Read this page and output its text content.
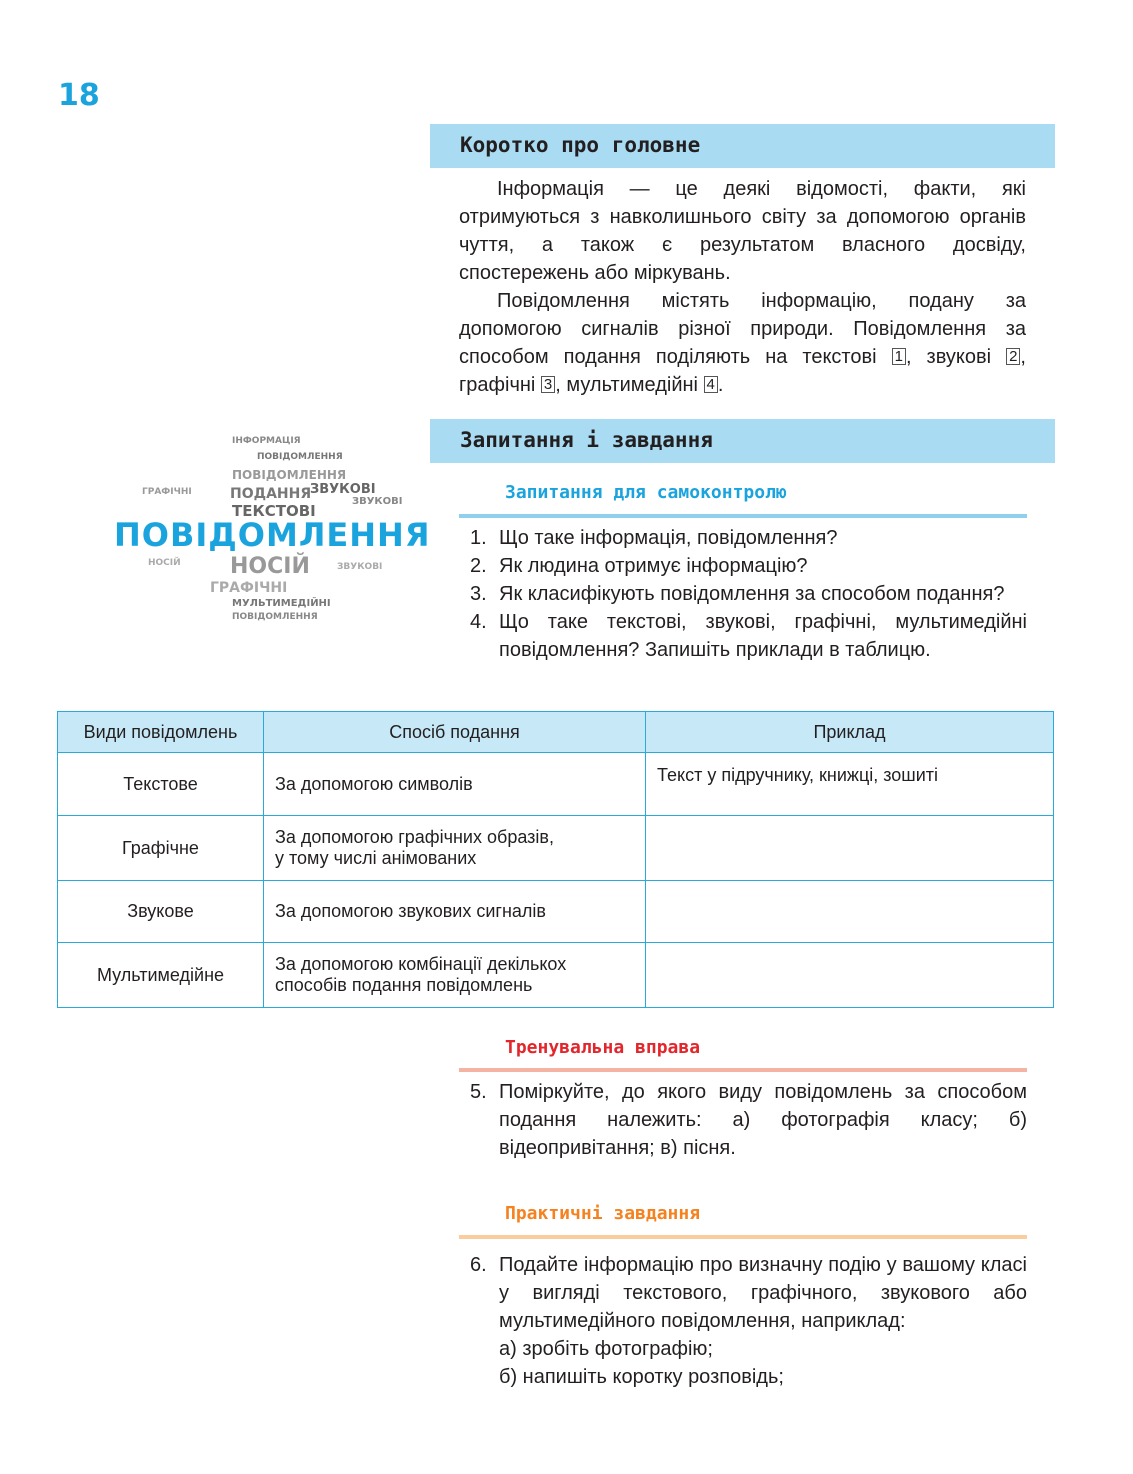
18
Коротко про головне

Інформація — це деякі відомості, факти, які отримуються з навколишнього світу за допомогою органів чуття, а також є результатом власного досвіду, спостережень або міркувань.

Повідомлення містять інформацію, подану за допомогою сигналів різної природи. Повідомлення за способом подання поділяють на текстові 1 , звукові 2 , графічні 3 , мультимедійні 4 .

ІНФОРМАЦІЯ
ПОВІДОМЛЕННЯ
ПОВІДОМЛЕННЯ
ПОДАННЯ
ЗВУКОВІ
ЗВУКОВІ
ТЕКСТОВІ
ГРАФІЧНІ
ПОВІДОМЛЕННЯ
НОСІЙ
ГРАФІЧНІ
МУЛЬТИМЕДІЙНІ
ПОВІДОМЛЕННЯ
НОСІЙ	ЗВУКОВІ
Запитання і завдання
Запитання для самоконтролю
1. Що таке інформація, повідомлення?
2. Як людина отримує інформацію?
3. Як класифікують повідомлення за способом подання?
4. Що таке текстові, звукові, графічні, мультимедійні повідомлення? Запишіть приклади в таблицю.
Види повідомлень	Спосіб подання	Приклад
Текстове	За допомогою символів	Текст у підручнику, книжці, зошиті
Графічне	За допомогою графічних образів,
у тому числі анімованих	

Звукове	За допомогою звукових сигналів	
Мультимедійне	За допомогою комбінації декількох
способів подання повідомлень	

Тренувальна вправа
5. Поміркуйте, до якого виду повідомлень за способом подання належить: а) фотографія класу; б) відеопривітання; в) пісня.
Практичні завдання
6. Подайте інформацію про визначну подію у вашому класі у вигляді текстового, графічного, звукового або мультимедійного повідомлення, наприклад:
а) зробіть фотографію;
б) напишіть коротку розповідь;
